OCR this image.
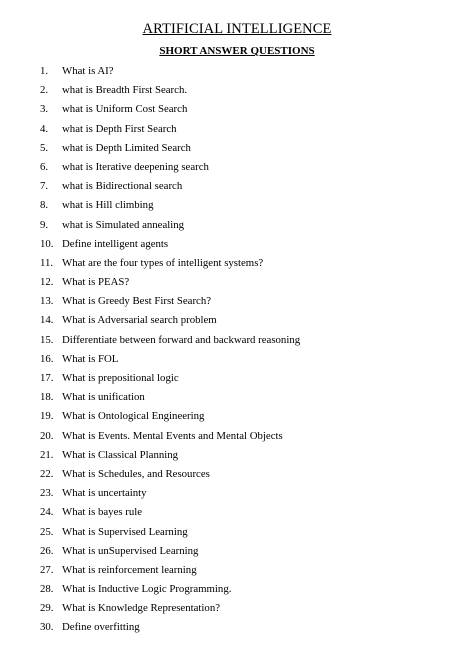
ARTIFICIAL INTELLIGENCE
SHORT ANSWER QUESTIONS
1.	What is AI?
2.	what is Breadth First Search.
3.	what is Uniform Cost Search
4.	what is Depth First Search
5.	what is Depth Limited Search
6.	what is Iterative deepening search
7.	what is Bidirectional search
8.	what is Hill climbing
9.	what is Simulated annealing
10. Define intelligent agents
11. What are the four types of intelligent systems?
12. What is PEAS?
13. What is Greedy Best First Search?
14. What is Adversarial search problem
15. Differentiate between forward and backward reasoning
16. What is FOL
17. What is prepositional logic
18. What is unification
19. What is Ontological Engineering
20. What is Events. Mental Events and Mental Objects
21. What is Classical Planning
22. What is Schedules, and Resources
23. What is uncertainty
24. What is bayes rule
25. What is Supervised Learning
26. What is unSupervised Learning
27. What is reinforcement learning
28. What is Inductive Logic Programming.
29. What is Knowledge Representation?
30. Define overfitting
